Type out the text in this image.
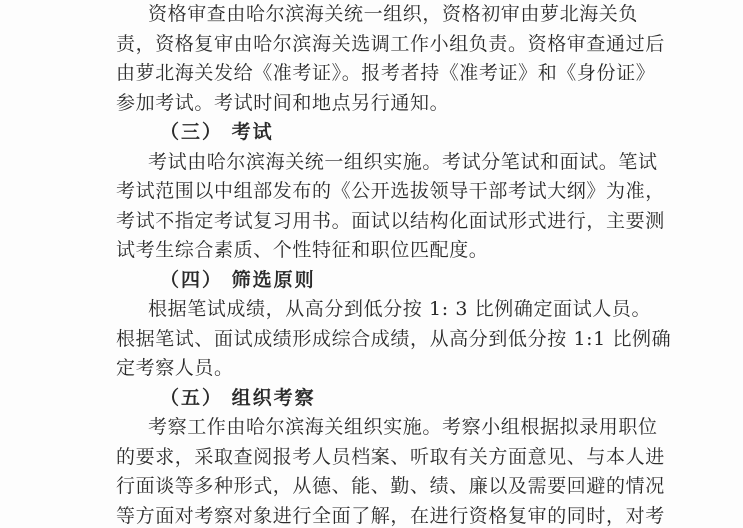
资格审查由哈尔滨海关统一组织，资格初审由萝北海关负
责，资格复审由哈尔滨海关选调工作小组负责。资格审查通过后
由萝北海关发给《准考证》。报考者持《准考证》和《身份证》
参加考试。考试时间和地点另行通知。
（三） 考试
考试由哈尔滨海关统一组织实施。考试分笔试和面试。笔试
考试范围以中组部发布的《公开选拔领导干部考试大纲》为准，
考试不指定考试复习用书。面试以结构化面试形式进行，主要测
试考生综合素质、个性特征和职位匹配度。
（四） 筛选原则
根据笔试成绩，从高分到低分按 1: 3 比例确定面试人员。
根据笔试、面试成绩形成综合成绩，从高分到低分按 1:1 比例确
定考察人员。
（五） 组织考察
考察工作由哈尔滨海关组织实施。考察小组根据拟录用职位
的要求，采取查阅报考人员档案、听取有关方面意见、与本人进
行面谈等多种形式，从德、能、勤、绩、廉以及需要回避的情况
等方面对考察对象进行全面了解，在进行资格复审的同时，对考
